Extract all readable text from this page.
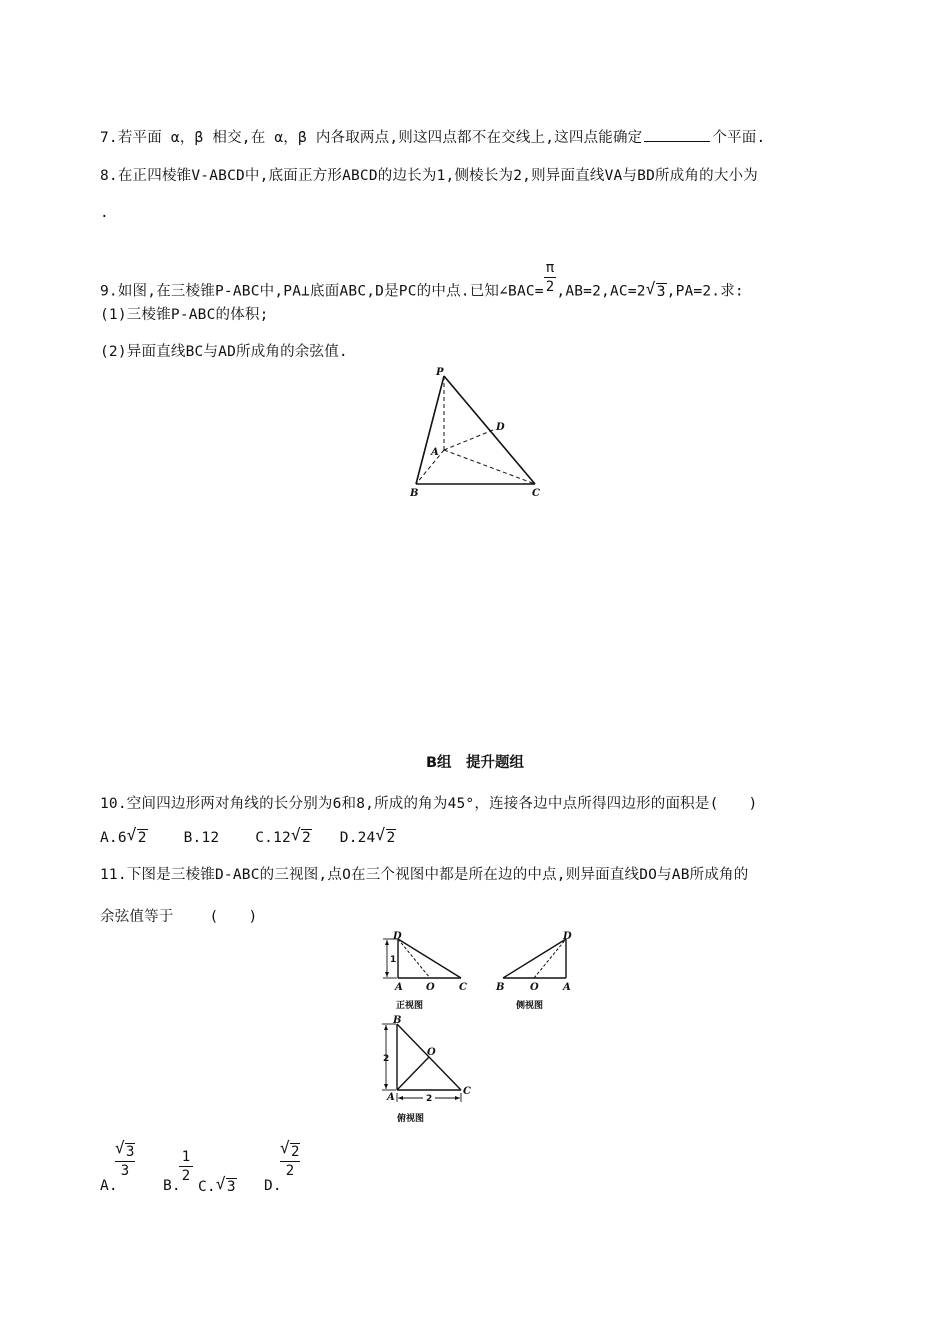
7.若平面 α，β 相交,在 α，β 内各取两点,则这四点都不在交线上,这四点能确定	个平面.
8.在正四棱锥V-ABCD中,底面正方形ABCD的边长为1,侧棱长为2,则异面直线VA与BD所成角的大小为
.
9.如图,在三棱锥P-ABC中,PA⊥底面ABC,D是PC的中点.已知∠BAC= $\frac{\pi}{2} ,AB=2,AC=2√$ 3,PA=2.求:
(1)三棱锥P-ABC的体积;
(2)异面直线BC与AD所成角的余弦值.
P
D
A
B	C
B组　提升题组
10.空间四边形两对角线的长分别为6和8,所成的角为45°，连接各边中点所得四边形的面积是( )
A.6√ 2	B.12 C.12√ 2 D.24√ 2
11.下图是三棱锥D-ABC的三视图,点O在三个视图中都是所在边的中点,则异面直线DO与AB所成角的
余弦值等于 ( )
1
D
A O C
正视图
D
B	O A
侧视图
2
2
B
O
A
C
俯视图
A.
√ 3
3
B.
$\frac{1}{2}$
C.√ 3 D.
√ 2
2
